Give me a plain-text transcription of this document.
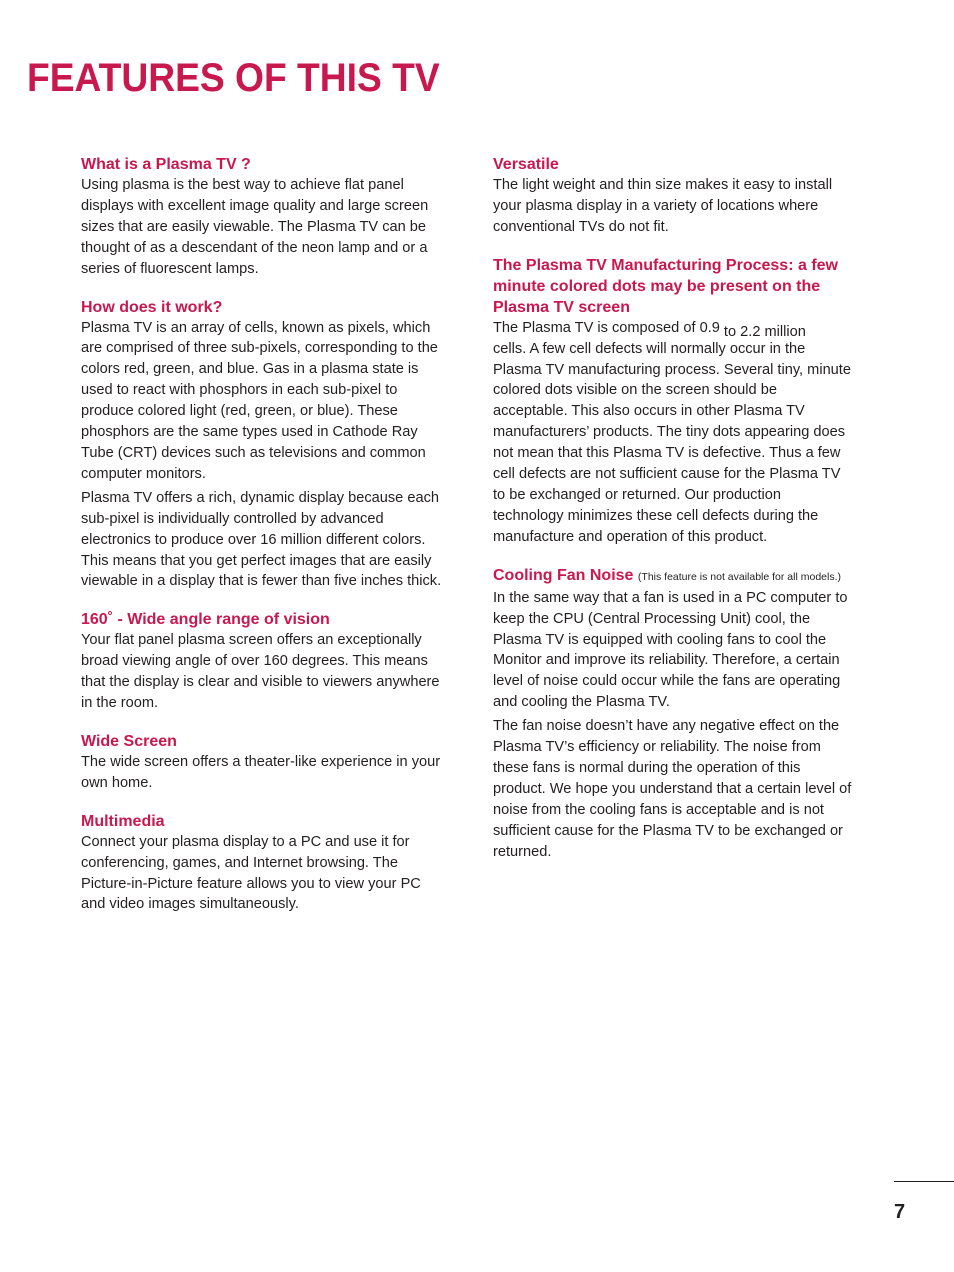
FEATURES OF THIS TV
What is a Plasma TV ?

Using plasma is the best way to achieve flat panel displays with excellent image quality and large screen sizes that are easily viewable. The Plasma TV can be thought of as a descendant of the neon lamp and or a series of fluorescent lamps.

How does it work?

Plasma TV is an array of cells, known as pixels, which are comprised of three sub-pixels, corresponding to the colors red, green, and blue. Gas in a plasma state is used to react with phosphors in each sub-pixel to produce colored light (red, green, or blue). These phosphors are the same types used in Cathode Ray Tube (CRT) devices such as televisions and common computer monitors.

Plasma TV offers a rich, dynamic display because each sub-pixel is individually controlled by advanced electronics to produce over 16 million different colors. This means that you get perfect images that are easily viewable in a display that is fewer than five inches thick.

160˚ - Wide angle range of vision

Your flat panel plasma screen offers an exceptionally broad viewing angle of over 160 degrees. This means that the display is clear and visible to viewers anywhere in the room.

Wide Screen

The wide screen offers a theater-like experience in your own home.

Multimedia

Connect your plasma display to a PC and use it for conferencing, games, and Internet browsing. The Picture-in-Picture feature allows you to view your PC and video images simultaneously.

Versatile

The light weight and thin size makes it easy to install your plasma display in a variety of locations where conventional TVs do not fit.

The Plasma TV Manufacturing Process: a few minute colored dots may be present on the Plasma TV screen

The Plasma TV is composed of 0.9 to 2.2 million
cells. A few cell defects will normally occur in the Plasma TV manufacturing process. Several tiny, minute colored dots visible on the screen should be acceptable. This also occurs in other Plasma TV manufacturers’ products. The tiny dots appearing does not mean that this Plasma TV is defective. Thus a few cell defects are not sufficient cause for the Plasma TV to be exchanged or returned. Our production technology minimizes these cell defects during the manufacture and operation of this product.

Cooling Fan Noise (This feature is not available for all models.)

In the same way that a fan is used in a PC computer to keep the CPU (Central Processing Unit) cool, the Plasma TV is equipped with cooling fans to cool the Monitor and improve its reliability. Therefore, a certain level of noise could occur while the fans are operating and cooling the Plasma TV.

The fan noise doesn’t have any negative effect on the Plasma TV’s efficiency or reliability. The noise from these fans is normal during the operation of this product. We hope you understand that a certain level of noise from the cooling fans is acceptable and is not sufficient cause for the Plasma TV to be exchanged or returned.

7
